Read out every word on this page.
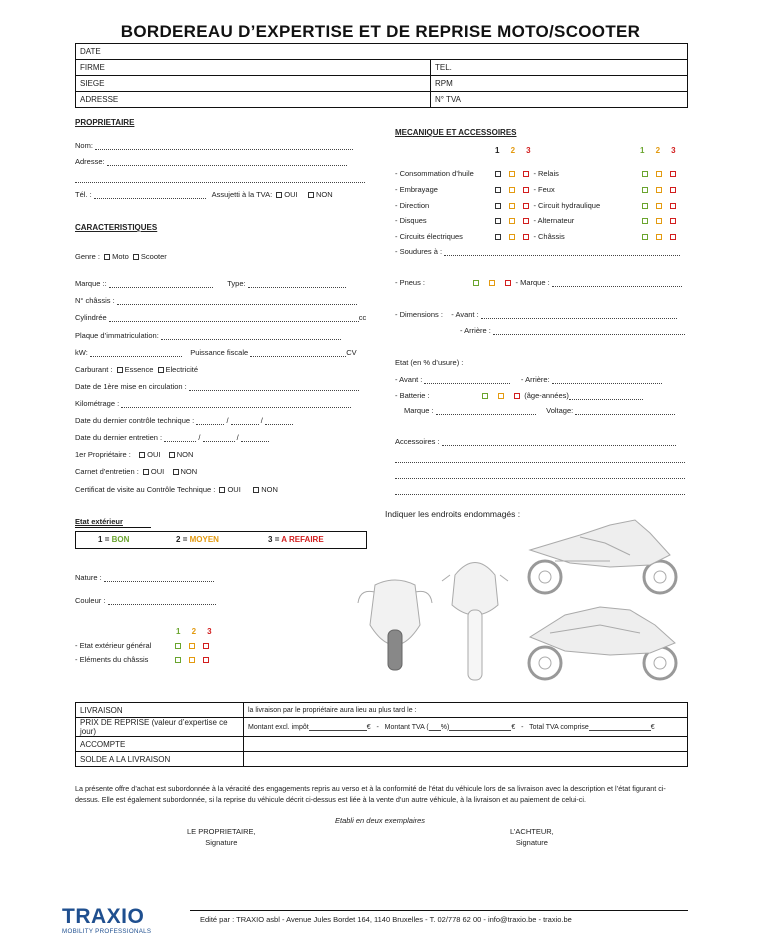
BORDEREAU D’EXPERTISE ET DE REPRISE MOTO/SCOOTER
DATE	
FIRME	TEL.
SIEGE	RPM
ADRESSE	N° TVA
PROPRIETAIRE
Nom:
Adresse:
Tél. :	Assujetti à la TVA: OUI NON
CARACTERISTIQUES
Genre : Moto Scooter
Marque ::	Type:
N° châssis :
Cylindrée	cc
Plaque d’immatriculation:
kW:	Puissance fiscale	CV
Carburant : Essence Electricité
Date de 1ère mise en circulation :
Kilométrage :
Date du dernier contrôle technique :	/	/
Date du dernier entretien :	/	/
1er Propriétaire : OUI NON
Carnet d’entretien : OUI NON
Certificat de visite au Contrôle Technique : OUI	NON
MECANIQUE ET ACCESSOIRES
1 2 3	1 2 3
- Consommation d’huile	- Relais
- Embrayage	- Feux
- Direction	- Circuit hydraulique
- Disques	- Alternateur
- Circuits électriques	- Châssis

- Soudures à :
- Pneus :	- Marque :
- Dimensions : - Avant :
- Arrière :
Etat (en % d’usure) :
- Avant :	- Arrière:
- Batterie :	(âge-années)
Marque :	Voltage:
Accessoires :
Etat extérieur
1 = BON	2 = MOYEN	3 = A REFAIRE
Nature :
Couleur :
1 2 3
- Etat extérieur général
- Eléments du châssis
Indiquer les endroits endommagés :
LIVRAISON	la livraison par le propriétaire aura lieu au plus tard le :
PRIX DE REPRISE (valeur d’expertise ce jour)	Montant excl. impôt € - Montant TVA ( %) € - Total TVA comprise €
ACCOMPTE	
SOLDE A LA LIVRAISON	
La présente offre d’achat est subordonnée à la véracité des engagements repris au verso et à la conformité de l’état du véhicule lors de sa livraison avec la description et l’état figurant ci-dessus. Elle est également subordonnée, si la reprise du véhicule décrit ci-dessus est liée à la vente d’un autre véhicule, à la livraison et au paiement de celui-ci.
Etabli en deux exemplaires
LE PROPRIETAIRE,
Signature
L’ACHTEUR,
Signature
Edité par : TRAXIO asbl - Avenue Jules Bordet 164, 1140 Bruxelles - T. 02/778 62 00 - info@traxio.be - traxio.be
TRAXIO
MOBILITY PROFESSIONALS
